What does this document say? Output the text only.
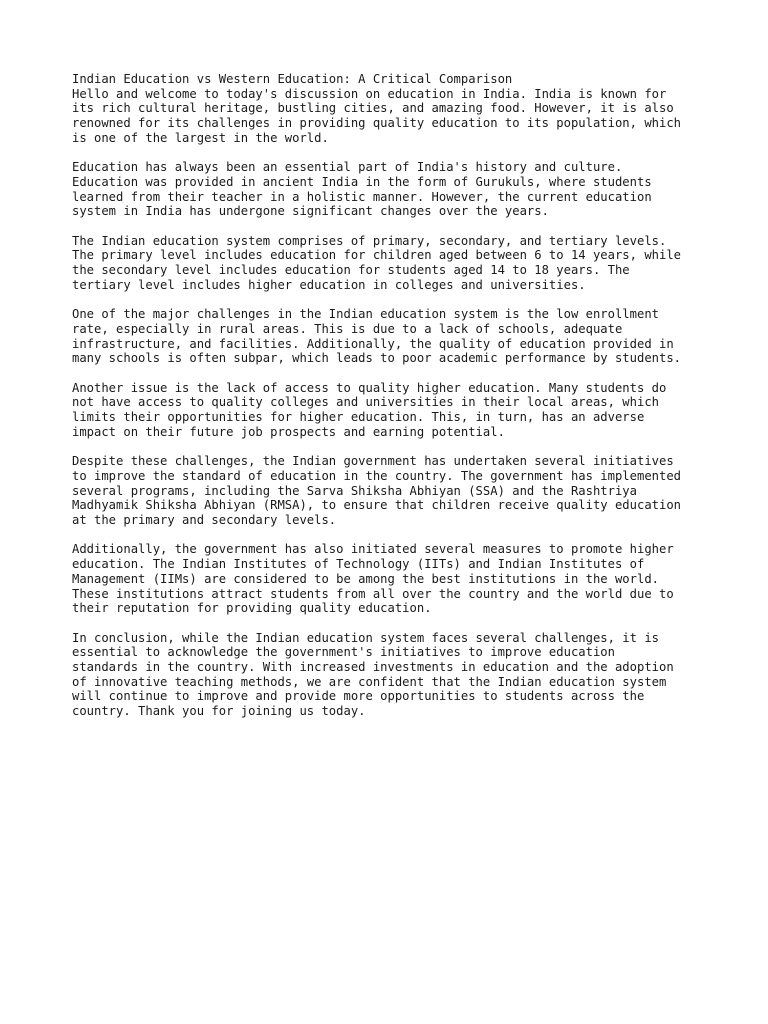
Indian Education vs Western Education: A Critical Comparison

Hello and welcome to today's discussion on education in India. India is known for
its rich cultural heritage, bustling cities, and amazing food. However, it is also
renowned for its challenges in providing quality education to its population, which
is one of the largest in the world.

Education has always been an essential part of India's history and culture.
Education was provided in ancient India in the form of Gurukuls, where students
learned from their teacher in a holistic manner. However, the current education
system in India has undergone significant changes over the years.

The Indian education system comprises of primary, secondary, and tertiary levels.
The primary level includes education for children aged between 6 to 14 years, while
the secondary level includes education for students aged 14 to 18 years. The
tertiary level includes higher education in colleges and universities.

One of the major challenges in the Indian education system is the low enrollment
rate, especially in rural areas. This is due to a lack of schools, adequate
infrastructure, and facilities. Additionally, the quality of education provided in
many schools is often subpar, which leads to poor academic performance by students.

Another issue is the lack of access to quality higher education. Many students do
not have access to quality colleges and universities in their local areas, which
limits their opportunities for higher education. This, in turn, has an adverse
impact on their future job prospects and earning potential.

Despite these challenges, the Indian government has undertaken several initiatives
to improve the standard of education in the country. The government has implemented
several programs, including the Sarva Shiksha Abhiyan (SSA) and the Rashtriya
Madhyamik Shiksha Abhiyan (RMSA), to ensure that children receive quality education
at the primary and secondary levels.

Additionally, the government has also initiated several measures to promote higher
education. The Indian Institutes of Technology (IITs) and Indian Institutes of
Management (IIMs) are considered to be among the best institutions in the world.
These institutions attract students from all over the country and the world due to
their reputation for providing quality education.

In conclusion, while the Indian education system faces several challenges, it is
essential to acknowledge the government's initiatives to improve education
standards in the country. With increased investments in education and the adoption
of innovative teaching methods, we are confident that the Indian education system
will continue to improve and provide more opportunities to students across the
country. Thank you for joining us today.
